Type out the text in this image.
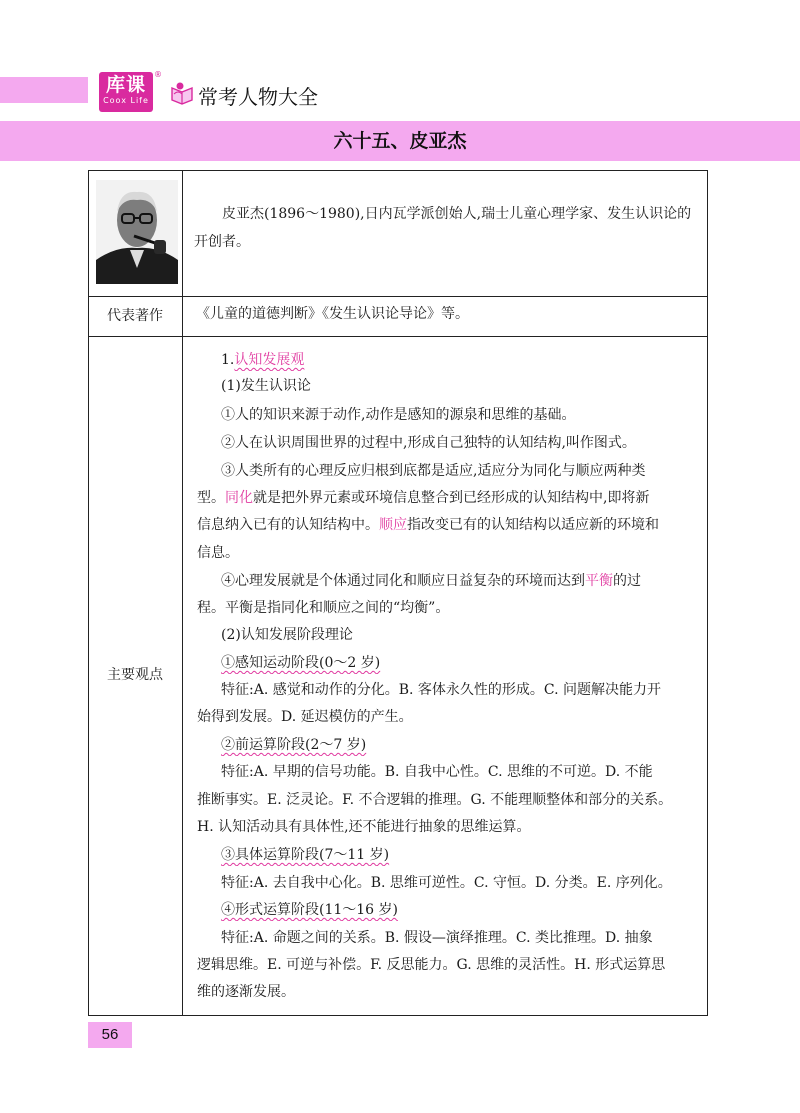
库课
Coox Life
®
常考人物大全
六十五、皮亚杰
皮亚杰(1896～1980),日内瓦学派创始人,瑞士儿童心理学家、发生认识论的开创者。
代表著作	《儿童的道德判断》《发生认识论导论》等。
主要观点
1.认知发展观
(1)发生认识论
①人的知识来源于动作,动作是感知的源泉和思维的基础。
②人在认识周围世界的过程中,形成自己独特的认知结构,叫作图式。
③人类所有的心理反应归根到底都是适应,适应分为同化与顺应两种类
型。同化就是把外界元素或环境信息整合到已经形成的认知结构中,即将新
信息纳入已有的认知结构中。顺应指改变已有的认知结构以适应新的环境和
信息。
④心理发展就是个体通过同化和顺应日益复杂的环境而达到平衡的过
程。平衡是指同化和顺应之间的“均衡”。
(2)认知发展阶段理论
①感知运动阶段(0～2 岁)
特征:A. 感觉和动作的分化。B. 客体永久性的形成。C. 问题解决能力开
始得到发展。D. 延迟模仿的产生。
②前运算阶段(2～7 岁)
特征:A. 早期的信号功能。B. 自我中心性。C. 思维的不可逆。D. 不能
推断事实。E. 泛灵论。F. 不合逻辑的推理。G. 不能理顺整体和部分的关系。
H. 认知活动具有具体性,还不能进行抽象的思维运算。
③具体运算阶段(7～11 岁)
特征:A. 去自我中心化。B. 思维可逆性。C. 守恒。D. 分类。E. 序列化。
④形式运算阶段(11～16 岁)
特征:A. 命题之间的关系。B. 假设—演绎推理。C. 类比推理。D. 抽象
逻辑思维。E. 可逆与补偿。F. 反思能力。G. 思维的灵活性。H. 形式运算思
维的逐渐发展。
56
